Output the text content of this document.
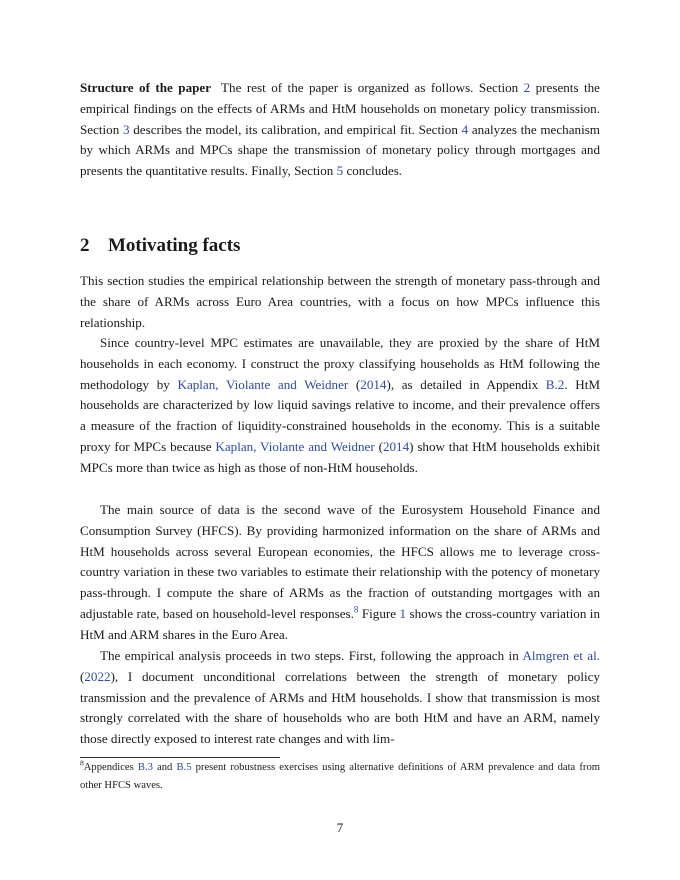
Structure of the paper The rest of the paper is organized as follows. Section 2 presents the empirical findings on the effects of ARMs and HtM households on monetary policy transmission. Section 3 describes the model, its calibration, and empirical fit. Section 4 analyzes the mechanism by which ARMs and MPCs shape the transmission of monetary policy through mortgages and presents the quantitative results. Finally, Section 5 concludes.

2 Motivating facts

This section studies the empirical relationship between the strength of monetary pass-through and the share of ARMs across Euro Area countries, with a focus on how MPCs influence this relationship.

Since country-level MPC estimates are unavailable, they are proxied by the share of HtM households in each economy. I construct the proxy classifying households as HtM following the methodology by Kaplan, Violante and Weidner (2014), as detailed in Appendix B.2. HtM households are characterized by low liquid savings relative to income, and their prevalence offers a measure of the fraction of liquidity-constrained households in the economy. This is a suitable proxy for MPCs because Kaplan, Violante and Weidner (2014) show that HtM households exhibit MPCs more than twice as high as those of non-HtM households.

The main source of data is the second wave of the Eurosystem Household Finance and Consumption Survey (HFCS). By providing harmonized information on the share of ARMs and HtM households across several European economies, the HFCS allows me to leverage cross-country variation in these two variables to estimate their relationship with the potency of monetary pass-through. I compute the share of ARMs as the fraction of outstanding mortgages with an adjustable rate, based on household-level responses.$^8$ Figure 1 shows the cross-country variation in HtM and ARM shares in the Euro Area.

The empirical analysis proceeds in two steps. First, following the approach in Almgren et al. (2022), I document unconditional correlations between the strength of monetary policy transmission and the prevalence of ARMs and HtM households. I show that transmission is most strongly correlated with the share of households who are both HtM and have an ARM, namely those directly exposed to interest rate changes and with lim-

$^8$Appendices B.3 and B.5 present robustness exercises using alternative definitions of ARM prevalence and data from other HFCS waves.
7
